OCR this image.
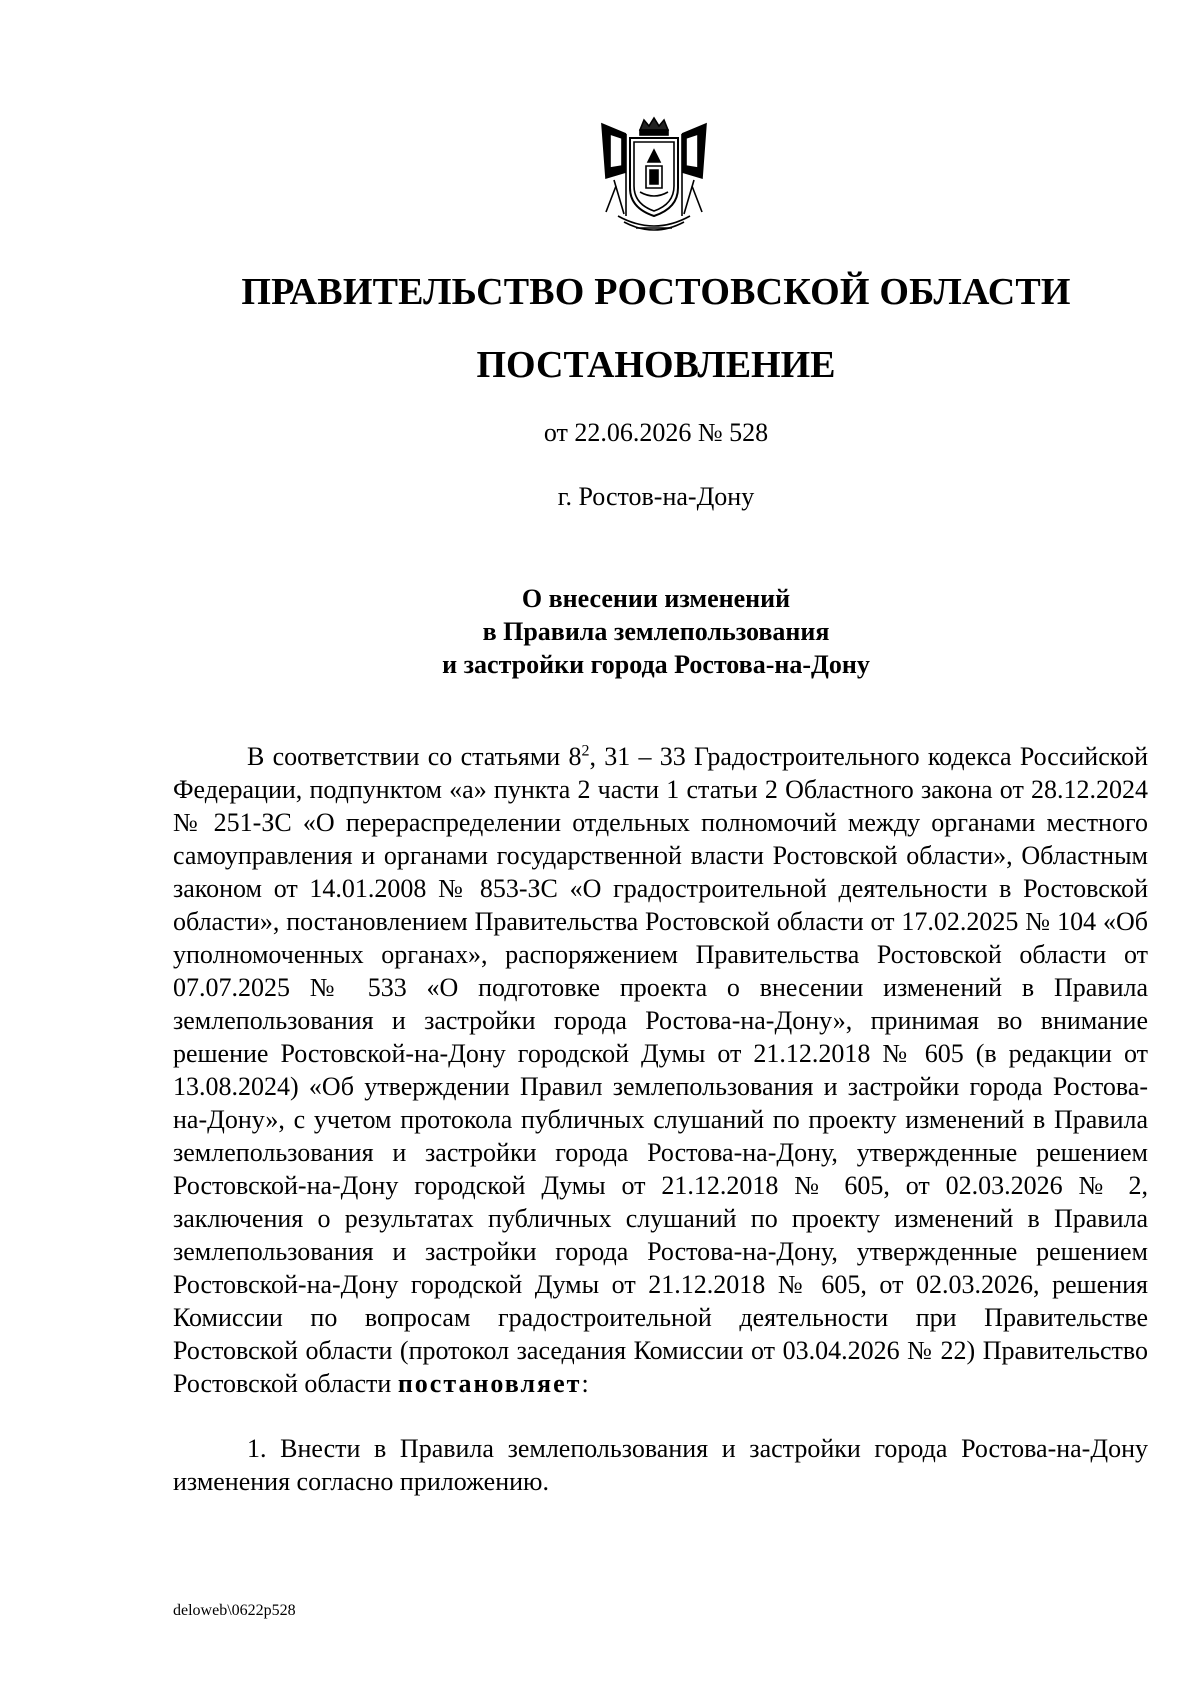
ПРАВИТЕЛЬСТВО РОСТОВСКОЙ ОБЛАСТИ
ПОСТАНОВЛЕНИЕ
от 22.06.2026 № 528
г. Ростов-на-Дону
О внесении изменений
в Правила землепользования
и застройки города Ростова-на-Дону

В соответствии со статьями $8^2$, 31 – 33 Градостроительного кодекса Российской Федерации, подпунктом «а» пункта 2 части 1 статьи 2 Областного закона от 28.12.2024 № 251-ЗС «О перераспределении отдельных полномочий между органами местного самоуправления и органами государственной власти Ростовской области», Областным законом от 14.01.2008 № 853-ЗС «О градостроительной деятельности в Ростовской области», постановлением Правительства Ростовской области от 17.02.2025 № 104 «Об уполномоченных органах», распоряжением Правительства Ростовской области от 07.07.2025 № 533 «О подготовке проекта о внесении изменений в Правила землепользования и застройки города Ростова-на-Дону», принимая во внимание решение Ростовской-на-Дону городской Думы от 21.12.2018 № 605 (в редакции от 13.08.2024) «Об утверждении Правил землепользования и застройки города Ростова-на-Дону», с учетом протокола публичных слушаний по проекту изменений в Правила землепользования и застройки города Ростова-на-Дону, утвержденные решением Ростовской-на-Дону городской Думы от 21.12.2018 № 605, от 02.03.2026 № 2, заключения о результатах публичных слушаний по проекту изменений в Правила землепользования и застройки города Ростова-на-Дону, утвержденные решением Ростовской-на-Дону городской Думы от 21.12.2018 № 605, от 02.03.2026, решения Комиссии по вопросам градостроительной деятельности при Правительстве Ростовской области (протокол заседания Комиссии от 03.04.2026 № 22) Правительство Ростовской области постановляет:

1. Внести в Правила землепользования и застройки города Ростова-на-Дону изменения согласно приложению.

deloweb\0622p528
